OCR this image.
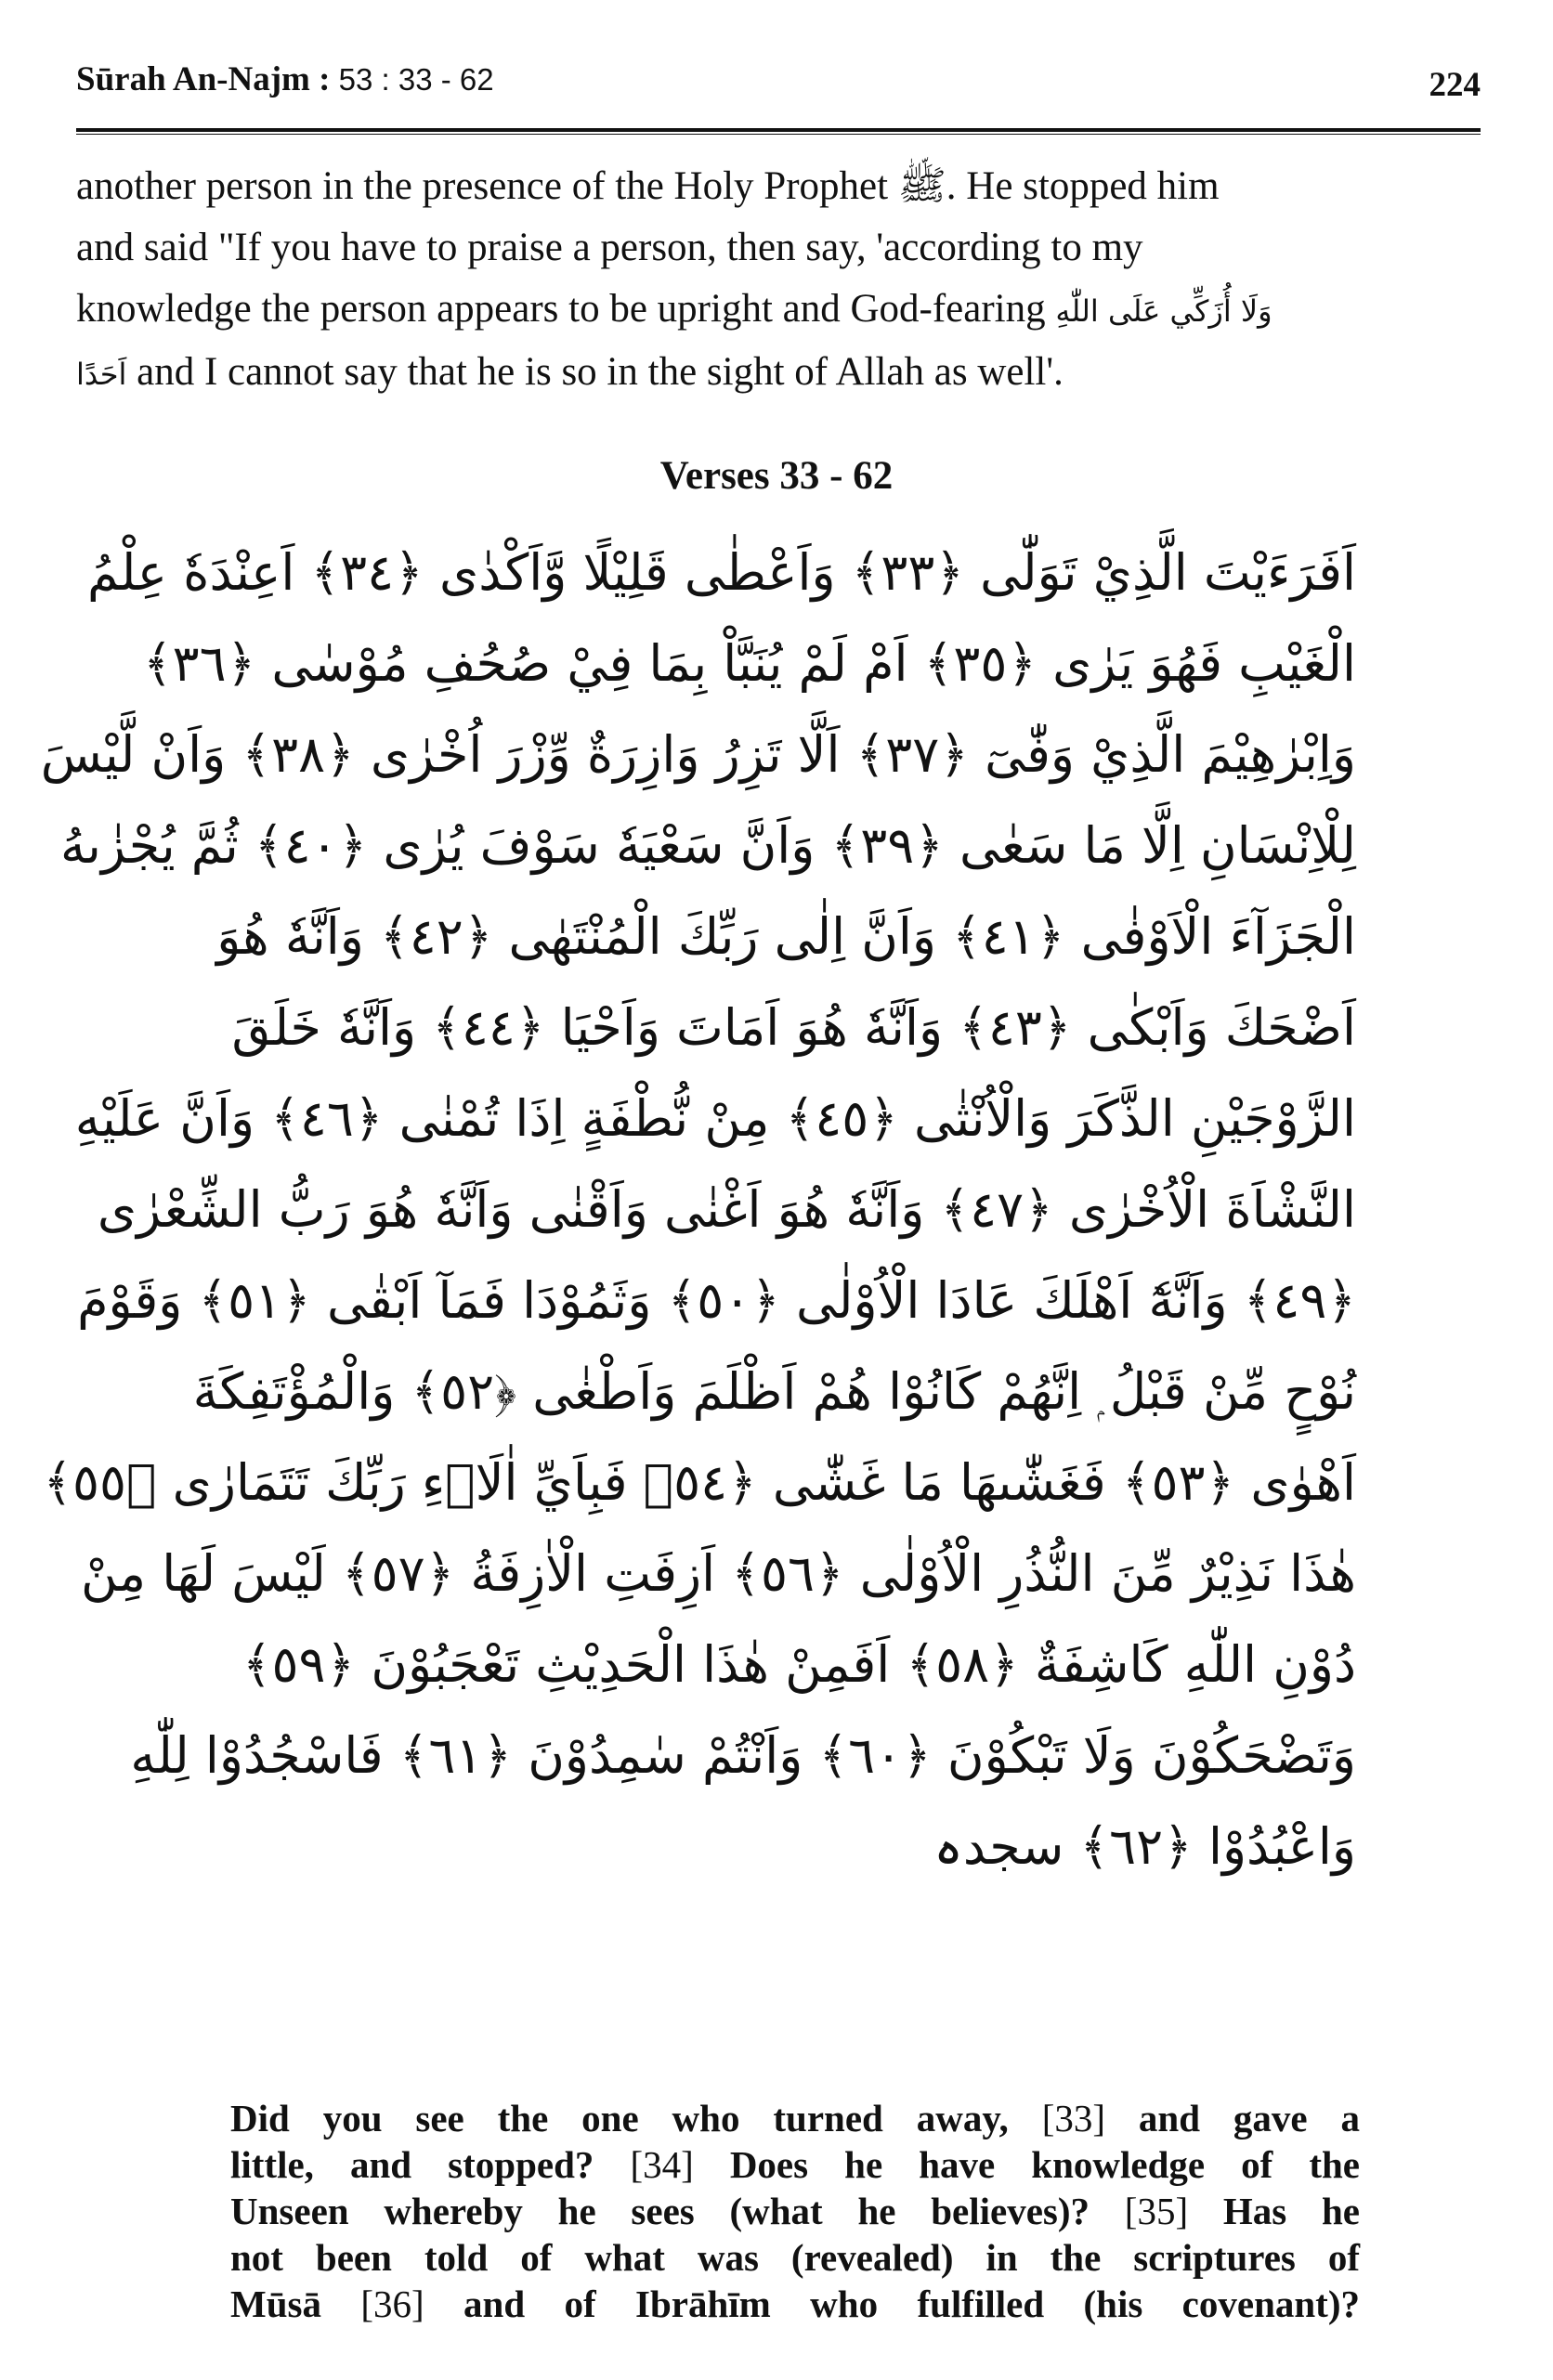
Sūrah An-Najm : 53 : 33 - 62	224
another person in the presence of the Holy Prophet ﷺ. He stopped him
and said "If you have to praise a person, then say, 'according to my
knowledge the person appears to be upright and God-fearing وَلَا أُزَكِّي عَلَى اللّٰهِ
اَحَدًا and I cannot say that he is so in the sight of Allah as well'.
Verses 33 - 62
اَفَرَءَيْتَ الَّذِيْ تَوَلّٰى ﴿٣٣﴾ وَاَعْطٰى قَلِيْلًا وَّاَكْدٰى ﴿٣٤﴾ اَعِنْدَهٗ عِلْمُ
الْغَيْبِ فَهُوَ يَرٰى ﴿٣٥﴾ اَمْ لَمْ يُنَبَّاْ بِمَا فِيْ صُحُفِ مُوْسٰى ﴿٣٦﴾
وَاِبْرٰهِيْمَ الَّذِيْ وَفّٰىٓ ﴿٣٧﴾ اَلَّا تَزِرُ وَازِرَةٌ وِّزْرَ اُخْرٰى ﴿٣٨﴾ وَاَنْ لَّيْسَ
لِلْاِنْسَانِ اِلَّا مَا سَعٰى ﴿٣٩﴾ وَاَنَّ سَعْيَهٗ سَوْفَ يُرٰى ﴿٤٠﴾ ثُمَّ يُجْزٰىهُ
الْجَزَآءَ الْاَوْفٰى ﴿٤١﴾ وَاَنَّ اِلٰى رَبِّكَ الْمُنْتَهٰى ﴿٤٢﴾ وَاَنَّهٗ هُوَ
اَضْحَكَ وَاَبْكٰى ﴿٤٣﴾ وَاَنَّهٗ هُوَ اَمَاتَ وَاَحْيَا ﴿٤٤﴾ وَاَنَّهٗ خَلَقَ
الزَّوْجَيْنِ الذَّكَرَ وَالْاُنْثٰى ﴿٤٥﴾ مِنْ نُّطْفَةٍ اِذَا تُمْنٰى ﴿٤٦﴾ وَاَنَّ عَلَيْهِ
النَّشْاَةَ الْاُخْرٰى ﴿٤٧﴾ وَاَنَّهٗ هُوَ اَغْنٰى وَاَقْنٰى وَاَنَّهٗ هُوَ رَبُّ الشِّعْرٰى
﴿٤٩﴾ وَاَنَّهٗٓ اَهْلَكَ عَادَا الْاُوْلٰى ﴿٥٠﴾ وَثَمُوْدَا فَمَآ اَبْقٰى ﴿٥١﴾ وَقَوْمَ
نُوْحٍ مِّنْ قَبْلُ ۭ اِنَّهُمْ كَانُوْا هُمْ اَظْلَمَ وَاَطْغٰى ﴿٥٢﴾ وَالْمُؤْتَفِكَةَ
اَهْوٰى ﴿٥٣﴾ فَغَشّٰىهَا مَا غَشّٰى ﴿٥٤﴾ فَبِاَيِّ اٰلَاۗءِ رَبِّكَ تَتَمَارٰى ﴿٥٥﴾
هٰذَا نَذِيْرٌ مِّنَ النُّذُرِ الْاُوْلٰى ﴿٥٦﴾ اَزِفَتِ الْاٰزِفَةُ ﴿٥٧﴾ لَيْسَ لَهَا مِنْ
دُوْنِ اللّٰهِ كَاشِفَةٌ ﴿٥٨﴾ اَفَمِنْ هٰذَا الْحَدِيْثِ تَعْجَبُوْنَ ﴿٥٩﴾
وَتَضْحَكُوْنَ وَلَا تَبْكُوْنَ ﴿٦٠﴾ وَاَنْتُمْ سٰمِدُوْنَ ﴿٦١﴾ فَاسْجُدُوْا لِلّٰهِ
وَاعْبُدُوْا ﴿٦٢﴾ سجدہ
Did you see the one who turned away, [33] and gave a
little, and stopped? [34] Does he have knowledge of the
Unseen whereby he sees (what he believes)? [35] Has he
not been told of what was (revealed) in the scriptures of
Mūsā [36] and of Ibrāhīm who fulfilled (his covenant)?
